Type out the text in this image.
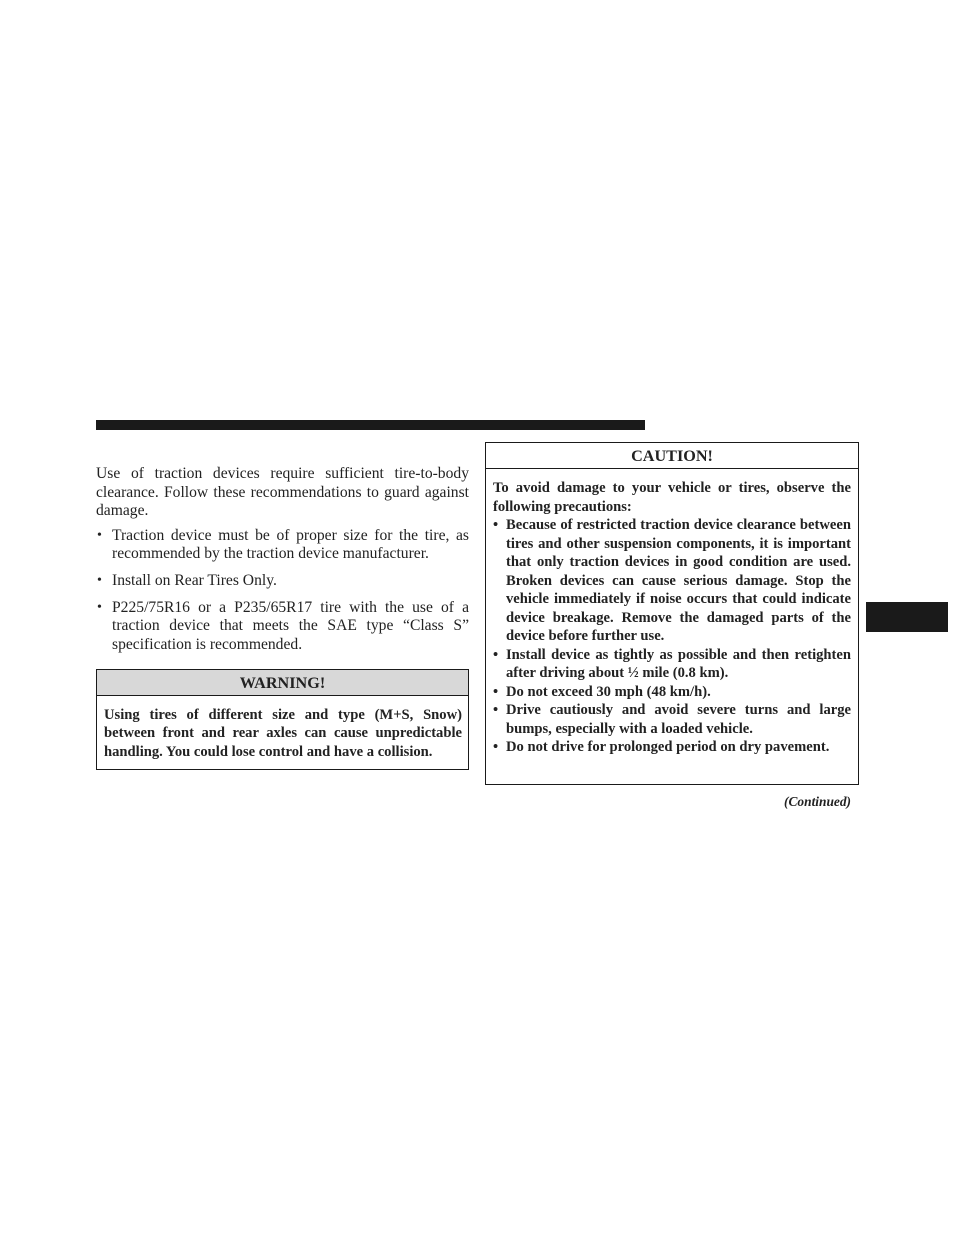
Use of traction devices require sufficient tire-to-body clearance. Follow these recommendations to guard against damage.

• Traction device must be of proper size for the tire, as recommended by the traction device manufacturer.
• Install on Rear Tires Only.
• P225/75R16 or a P235/65R17 tire with the use of a traction device that meets the SAE type “Class S” specification is recommended.
WARNING!
Using tires of different size and type (M+S, Snow) between front and rear axles can cause unpredictable handling. You could lose control and have a collision.
CAUTION!

To avoid damage to your vehicle or tires, observe the following precautions:

• Because of restricted traction device clearance between tires and other suspension components, it is important that only traction devices in good condition are used. Broken devices can cause serious damage. Stop the vehicle immediately if noise occurs that could indicate device breakage. Remove the damaged parts of the device before further use.
• Install device as tightly as possible and then retighten after driving about ½ mile (0.8 km).
• Do not exceed 30 mph (48 km/h).
• Drive cautiously and avoid severe turns and large bumps, especially with a loaded vehicle.
• Do not drive for prolonged period on dry pavement.
(Continued)
